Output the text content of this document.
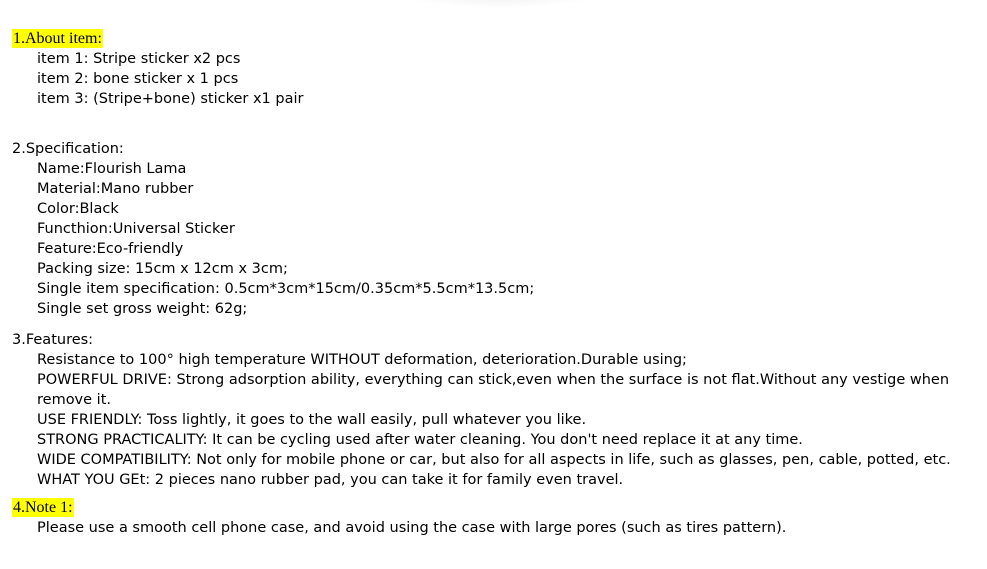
1.About item:
item 1: Stripe sticker x2 pcs
item 2: bone sticker x 1 pcs
item 3: (Stripe+bone) sticker x1 pair
2.Specification:
Name:Flourish Lama
Material:Mano rubber
Color:Black
Functhion:Universal Sticker
Feature:Eco-friendly
Packing size: 15cm x 12cm x 3cm;
Single item specification: 0.5cm*3cm*15cm/0.35cm*5.5cm*13.5cm;
Single set gross weight: 62g;
3.Features:
Resistance to 100° high temperature WITHOUT deformation, deterioration.Durable using;
POWERFUL DRIVE: Strong adsorption ability, everything can stick,even when the surface is not flat.Without any vestige when remove it.
USE FRIENDLY: Toss lightly, it goes to the wall easily, pull whatever you like.
STRONG PRACTICALITY: It can be cycling used after water cleaning. You don't need replace it at any time.
WIDE COMPATIBILITY: Not only for mobile phone or car, but also for all aspects in life, such as glasses, pen, cable, potted, etc.
WHAT YOU GEt: 2 pieces nano rubber pad, you can take it for family even travel.
4.Note 1:
Please use a smooth cell phone case, and avoid using the case with large pores (such as tires pattern).
